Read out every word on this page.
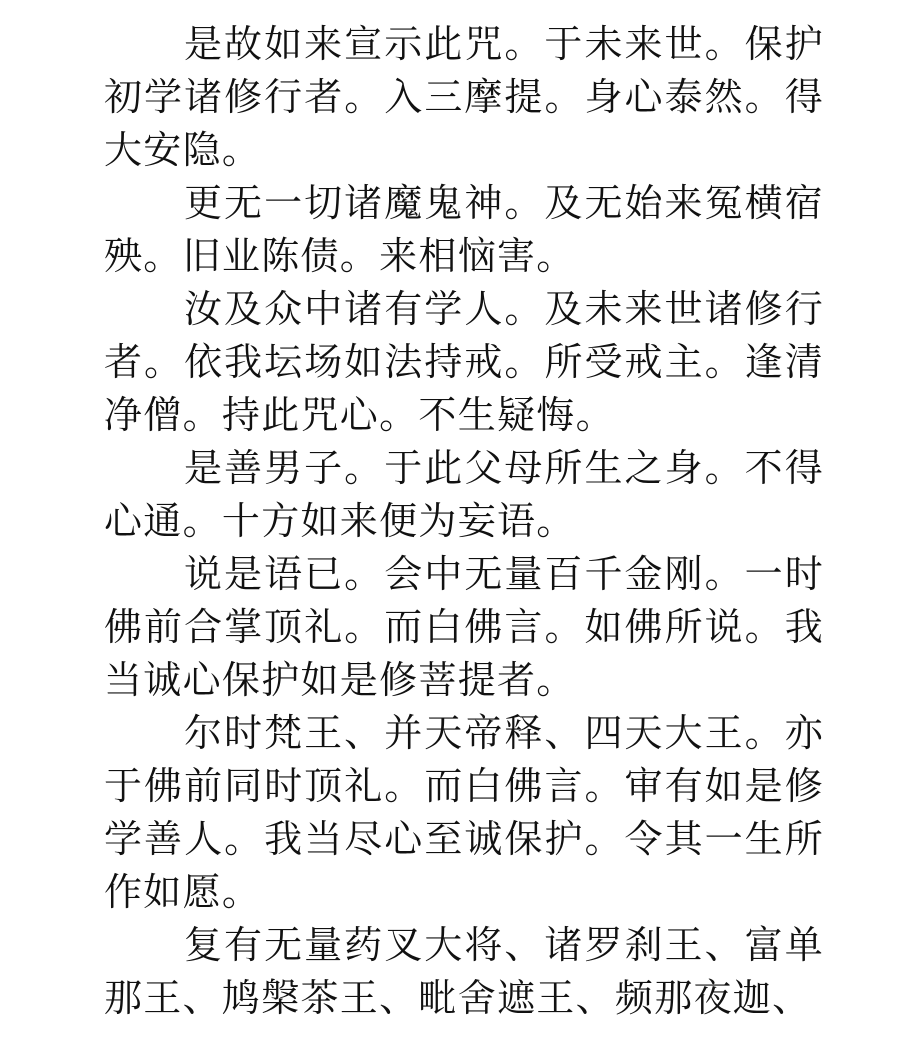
是故如来宣示此咒。于未来世。保护初学诸修行者。入三摩提。身心泰然。得大安隐。

更无一切诸魔鬼神。及无始来冤横宿殃。旧业陈债。来相恼害。

汝及众中诸有学人。及未来世诸修行者。依我坛场如法持戒。所受戒主。逢清净僧。持此咒心。不生疑悔。

是善男子。于此父母所生之身。不得心通。十方如来便为妄语。

说是语已。会中无量百千金刚。一时佛前合掌顶礼。而白佛言。如佛所说。我当诚心保护如是修菩提者。

尔时梵王、并天帝释、四天大王。亦于佛前同时顶礼。而白佛言。审有如是修学善人。我当尽心至诚保护。令其一生所作如愿。

复有无量药叉大将、诸罗刹王、富单那王、鸠槃茶王、毗舍遮王、频那夜迦、
